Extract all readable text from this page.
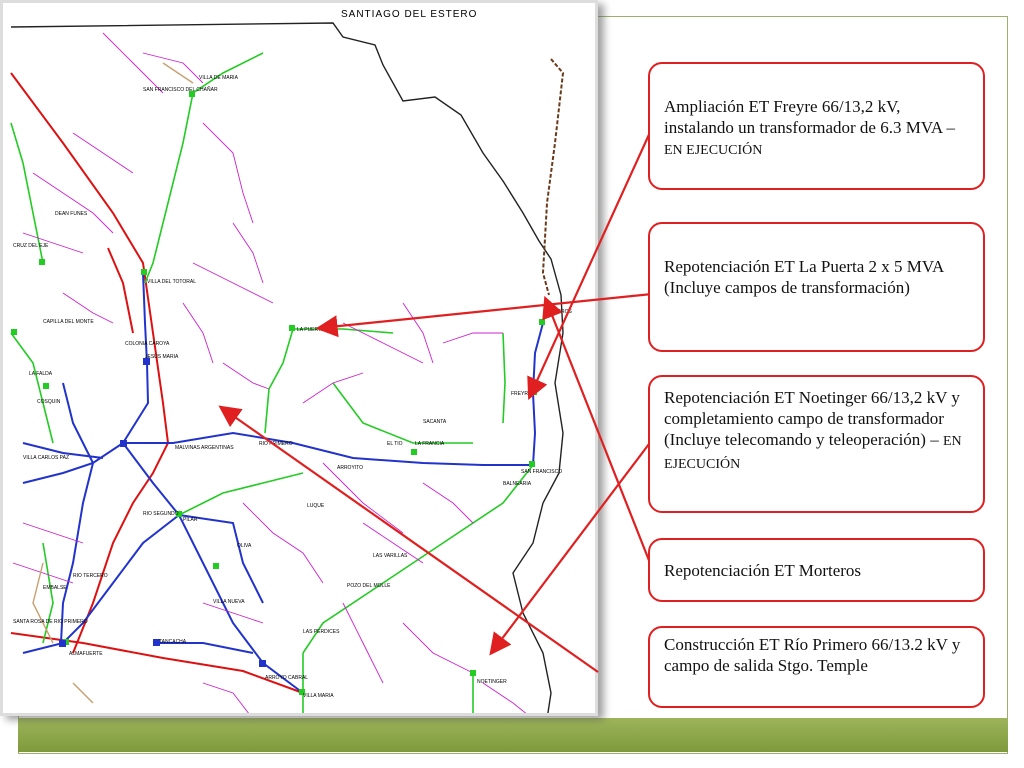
LA PUERTA
NOETINGER
MORTEROS
FREYRE
VILLA DEL TOTORAL
JESUS MARIA
MALVINAS ARGENTINAS
PILAR
RIO SEGUNDO
ALMAFUERTE
TANCACHA
ARROYO CABRAL
VILLA MARIA
SAN FRANCISCO
LA FRANCIA
EL TIO
ARROYITO
COLONIA CAROYA
LA FALDA
VILLA CARLOS PAZ
RIO PRIMERO
SANTA ROSA DE RIO PRIMERO
DEAN FUNES
CRUZ DEL EJE
VILLA DE MARIA
SAN FRANCISCO DEL CHAÑAR
BALNEARIA
LAS VARILLAS
SACANTA
CAPILLA DEL MONTE
COSQUIN
EMBALSE
RIO TERCERO
VILLA NUEVA
LUQUE
OLIVA
POZO DEL MOLLE
LAS PERDICES
SANTIAGO DEL ESTERO
Ampliación ET Freyre 66/13,2 kV, instalando un transformador de 6.3 MVA – EN EJECUCIÓN
Repotenciación ET La Puerta 2 x 5 MVA (Incluye campos de transformación)
Repotenciación ET Noetinger 66/13,2 kV y completamiento campo de transformador (Incluye telecomando y teleoperación) – EN EJECUCIÓN
Repotenciación ET Morteros
Construcción ET Río Primero 66/13.2 kV y campo de salida Stgo. Temple
